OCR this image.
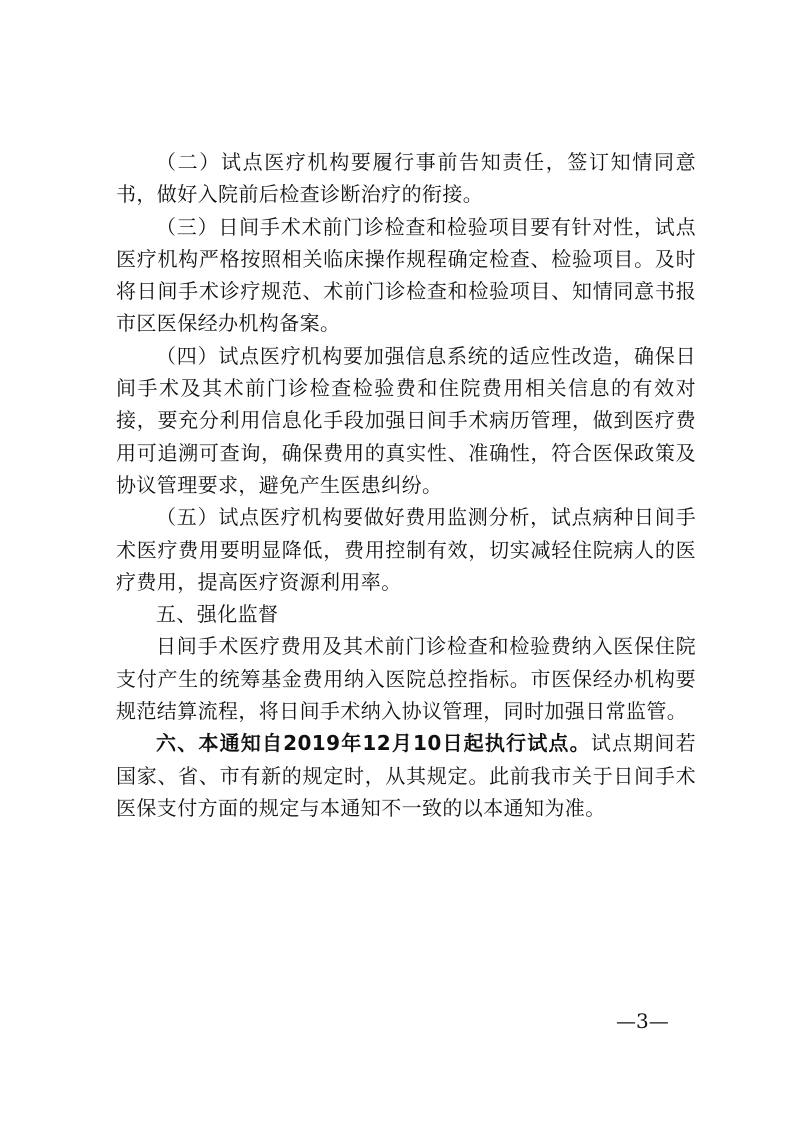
（二）试点医疗机构要履行事前告知责任，签订知情同意书，做好入院前后检查诊断治疗的衔接。

（三）日间手术术前门诊检查和检验项目要有针对性，试点医疗机构严格按照相关临床操作规程确定检查、检验项目。及时将日间手术诊疗规范、术前门诊检查和检验项目、知情同意书报市区医保经办机构备案。

（四）试点医疗机构要加强信息系统的适应性改造，确保日间手术及其术前门诊检查检验费和住院费用相关信息的有效对接，要充分利用信息化手段加强日间手术病历管理，做到医疗费用可追溯可查询，确保费用的真实性、准确性，符合医保政策及协议管理要求，避免产生医患纠纷。

（五）试点医疗机构要做好费用监测分析，试点病种日间手术医疗费用要明显降低，费用控制有效，切实减轻住院病人的医疗费用，提高医疗资源利用率。

五、强化监督

日间手术医疗费用及其术前门诊检查和检验费纳入医保住院支付产生的统筹基金费用纳入医院总控指标。市医保经办机构要规范结算流程，将日间手术纳入协议管理，同时加强日常监管。

六、本通知自2019年12月10日起执行试点。试点期间若国家、省、市有新的规定时，从其规定。此前我市关于日间手术医保支付方面的规定与本通知不一致的以本通知为准。

—3—
